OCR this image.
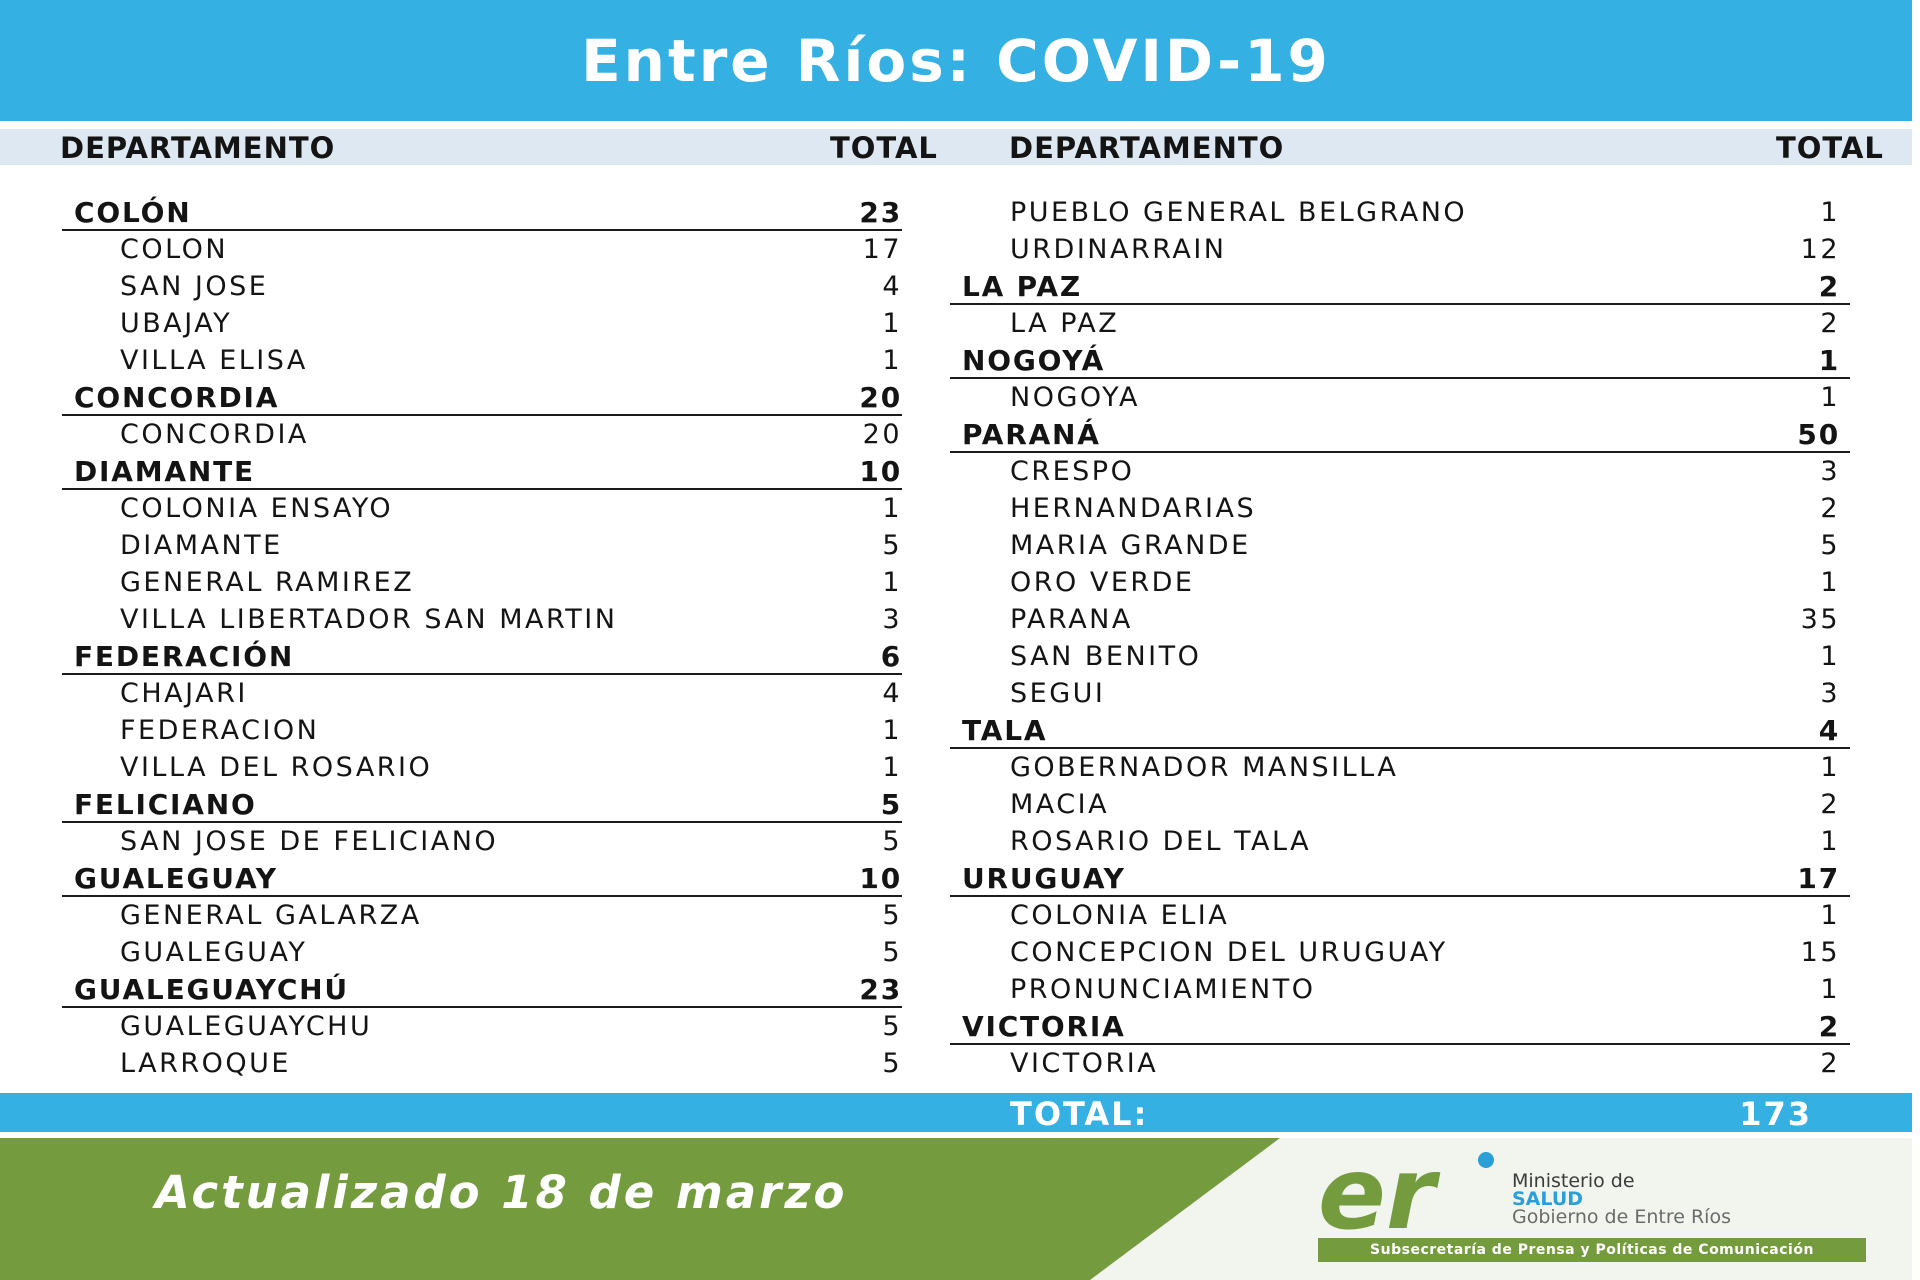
Entre Ríos: COVID-19
DEPARTAMENTO	TOTAL DEPARTAMENTO	TOTAL
COLÓN	23
COLON	17
SAN JOSE	4
UBAJAY	1
VILLA ELISA	1
CONCORDIA	20
CONCORDIA	20
DIAMANTE	10
COLONIA ENSAYO	1
DIAMANTE	5
GENERAL RAMIREZ	1
VILLA LIBERTADOR SAN MARTIN	3
FEDERACIÓN	6
CHAJARI	4
FEDERACION	1
VILLA DEL ROSARIO	1
FELICIANO	5
SAN JOSE DE FELICIANO	5
GUALEGUAY	10
GENERAL GALARZA	5
GUALEGUAY	5
GUALEGUAYCHÚ	23
GUALEGUAYCHU	5
LARROQUE	5
PUEBLO GENERAL BELGRANO	1
URDINARRAIN	12
LA PAZ	2
LA PAZ	2
NOGOYÁ	1
NOGOYA	1
PARANÁ	50
CRESPO	3
HERNANDARIAS	2
MARIA GRANDE	5
ORO VERDE	1
PARANA	35
SAN BENITO	1
SEGUI	3
TALA	4
GOBERNADOR MANSILLA	1
MACIA	2
ROSARIO DEL TALA	1
URUGUAY	17
COLONIA ELIA	1
CONCEPCION DEL URUGUAY	15
PRONUNCIAMIENTO	1
VICTORIA	2
VICTORIA	2
TOTAL:	173
Actualizado 18 de marzo	er	Ministerio de
SALUD
Gobierno de Entre Ríos
Subsecretaría de Prensa y Políticas de Comunicación
